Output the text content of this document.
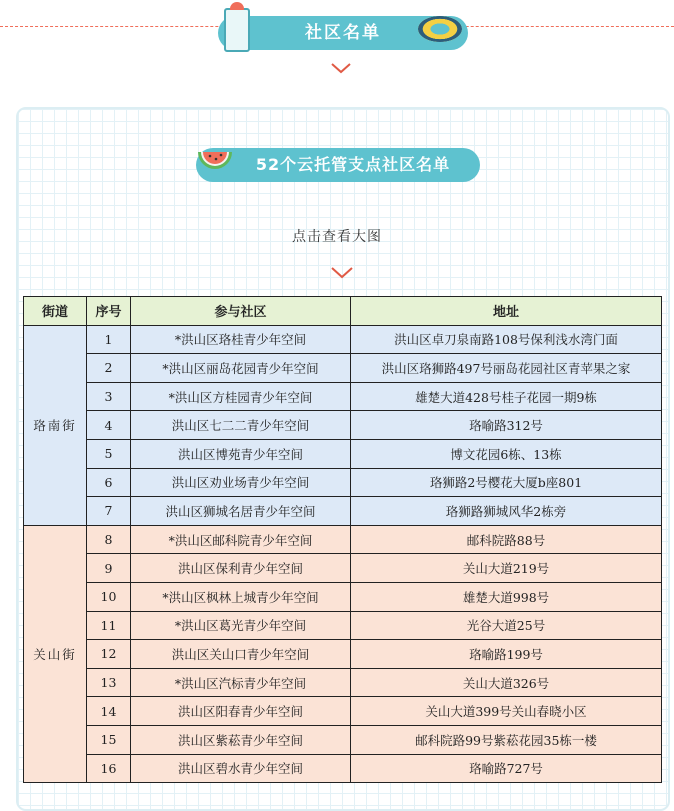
社区名单
52个云托管支点社区名单
点击查看大图
街道	序号	参与社区	地址
珞南街	1	*洪山区珞桂青少年空间	洪山区卓刀泉南路108号保利浅水湾门面
	2	*洪山区丽岛花园青少年空间	洪山区珞狮路497号丽岛花园社区青苹果之家
	3	*洪山区方桂园青少年空间	雄楚大道428号桂子花园一期9栋
	4	洪山区七二二青少年空间	珞喻路312号
	5	洪山区博苑青少年空间	博文花园6栋、13栋
	6	洪山区劝业场青少年空间	珞狮路2号樱花大厦b座801
	7	洪山区狮城名居青少年空间	珞狮路狮城风华2栋旁
关山街	8	*洪山区邮科院青少年空间	邮科院路88号
	9	洪山区保利青少年空间	关山大道219号
	10	*洪山区枫林上城青少年空间	雄楚大道998号
	11	*洪山区葛光青少年空间	光谷大道25号
	12	洪山区关山口青少年空间	珞喻路199号
	13	*洪山区汽标青少年空间	关山大道326号
	14	洪山区阳春青少年空间	关山大道399号关山春晓小区
	15	洪山区紫菘青少年空间	邮科院路99号紫菘花园35栋一楼
	16	洪山区碧水青少年空间	珞喻路727号
